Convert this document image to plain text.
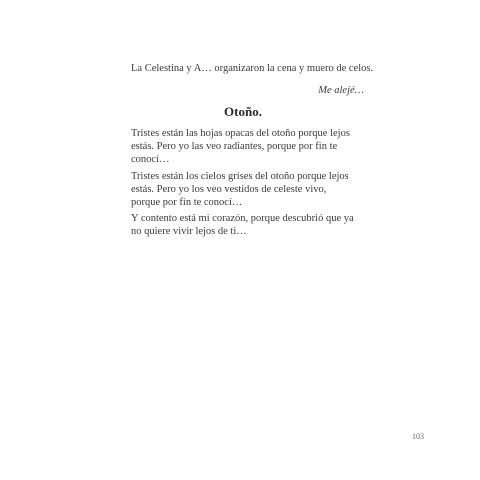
La Celestina y A… organizaron la cena y muero de celos.
Me alejé…
Otoño.
Tristes están las hojas opacas del otoño porque lejos
estás. Pero yo las veo radiantes, porque por fin te
conocí…
Tristes están los cielos grises del otoño porque lejos
estás. Pero yo los veo vestidos de celeste vivo,
porque por fin te conocí…
Y contento está mi corazón, porque descubrió que ya
no quiere vivir lejos de ti…
103
